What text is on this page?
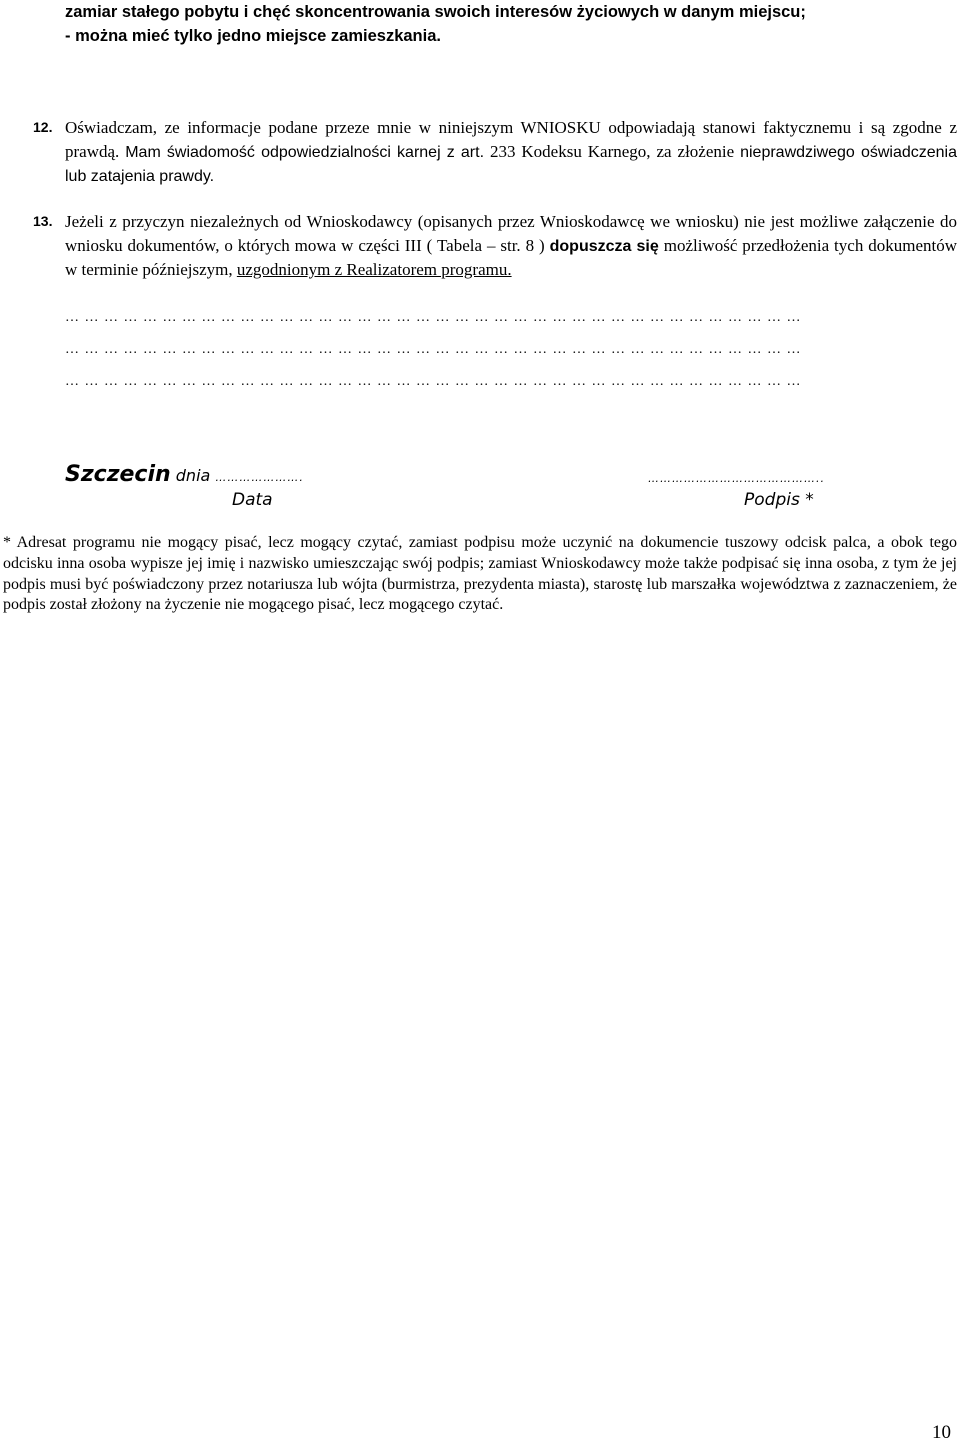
zamiar stałego pobytu i chęć skoncentrowania swoich interesów życiowych w danym miejscu;
- można mieć tylko jedno miejsce zamieszkania.
12. Oświadczam, ze informacje podane przeze mnie w niniejszym WNIOSKU odpowiadają stanowi faktycznemu i są zgodne z prawdą. Mam świadomość odpowiedzialności karnej z art. 233 Kodeksu Karnego, za złożenie nieprawdziwego oświadczenia lub zatajenia prawdy.
13. Jeżeli z przyczyn niezależnych od Wnioskodawcy (opisanych przez Wnioskodawcę we wniosku) nie jest możliwe załączenie do wniosku dokumentów, o których mowa w części III ( Tabela – str. 8 ) dopuszcza się możliwość przedłożenia tych dokumentów w terminie późniejszym, uzgodnionym z Realizatorem programu.
……………………………………………………………………………………………………
……………………………………………………………………………………………………
……………………………………………………………………………………………………
Szczecin dnia ………………….	……………………………………..
Data	Podpis *
* Adresat programu nie mogący pisać, lecz mogący czytać, zamiast podpisu może uczynić na dokumencie tuszowy odcisk palca, a obok tego odcisku inna osoba wypisze jej imię i nazwisko umieszczając swój podpis; zamiast Wnioskodawcy może także podpisać się inna osoba, z tym że jej podpis musi być poświadczony przez notariusza lub wójta (burmistrza, prezydenta miasta), starostę lub marszałka województwa z zaznaczeniem, że podpis został złożony na życzenie nie mogącego pisać, lecz mogącego czytać.
10
